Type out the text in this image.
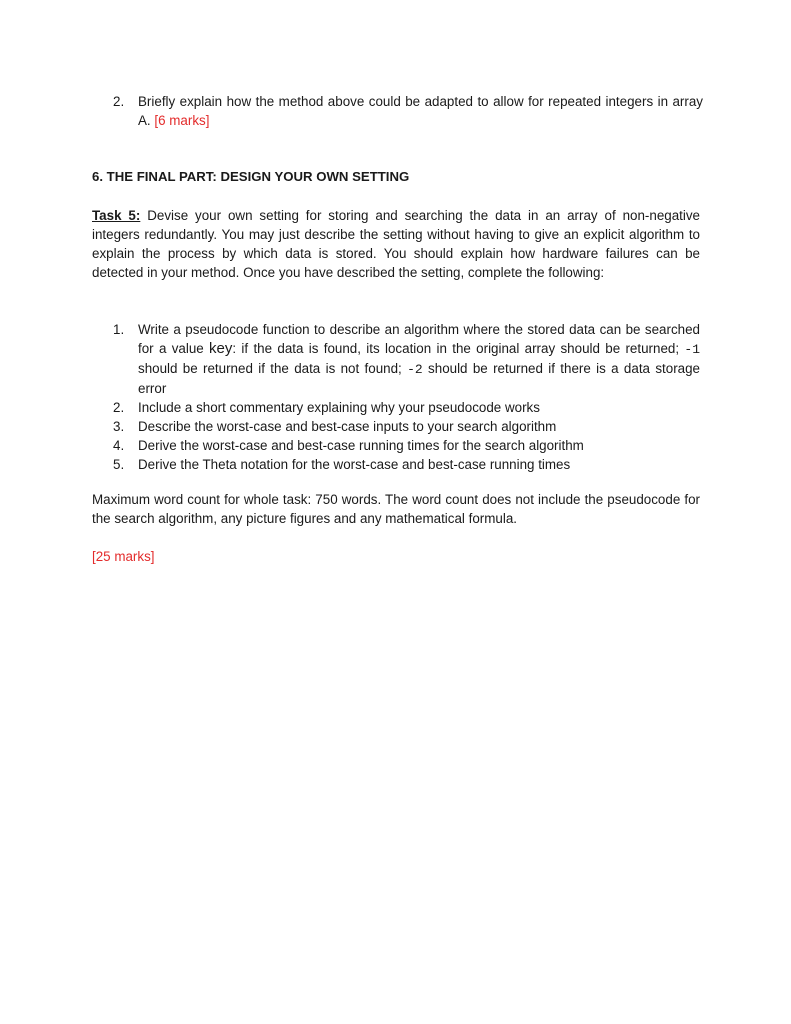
2.	Briefly explain how the method above could be adapted to allow for repeated integers in array A. [6 marks]
6. THE FINAL PART: DESIGN YOUR OWN SETTING
Task 5: Devise your own setting for storing and searching the data in an array of non-negative integers redundantly. You may just describe the setting without having to give an explicit algorithm to explain the process by which data is stored. You should explain how hardware failures can be detected in your method. Once you have described the setting, complete the following:
1. Write a pseudocode function to describe an algorithm where the stored data can be searched for a value key: if the data is found, its location in the original array should be returned; -1 should be returned if the data is not found; -2 should be returned if there is a data storage error
2. Include a short commentary explaining why your pseudocode works
3. Describe the worst-case and best-case inputs to your search algorithm
4. Derive the worst-case and best-case running times for the search algorithm
5. Derive the Theta notation for the worst-case and best-case running times
Maximum word count for whole task: 750 words. The word count does not include the pseudocode for the search algorithm, any picture figures and any mathematical formula.
[25 marks]
